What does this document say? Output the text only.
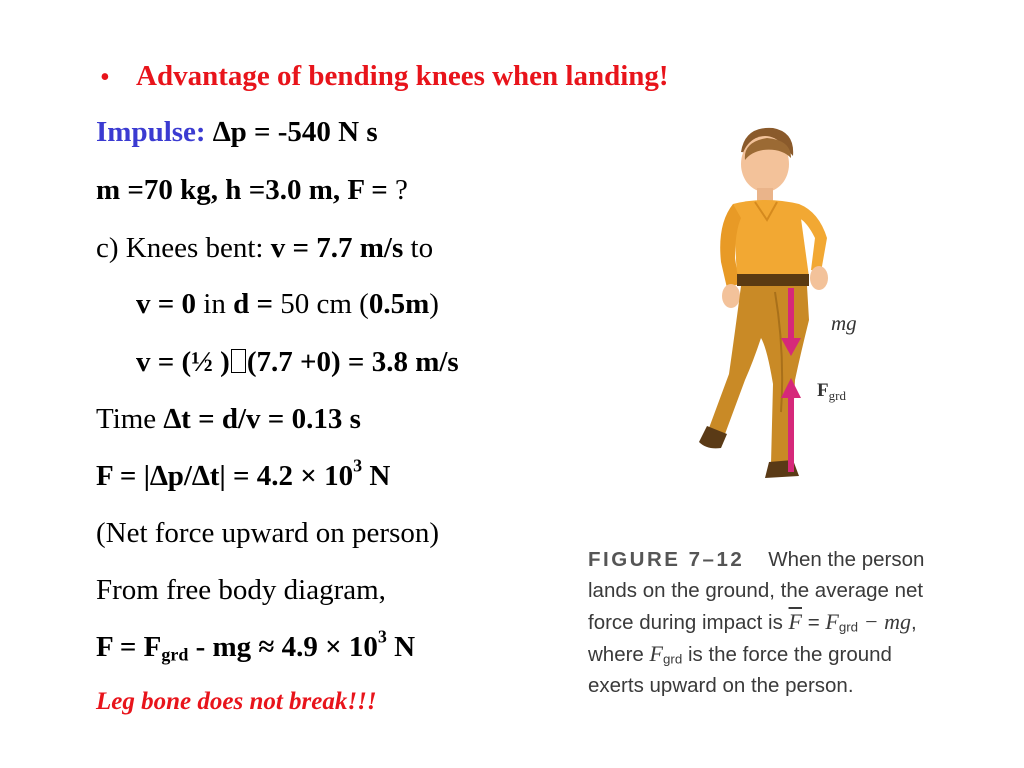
• Advantage of bending knees when landing!
Impulse: ∆p = -540 N s
m =70 kg, h =3.0 m, F = ?
c) Knees bent: v = 7.7 m/s to
v = 0 in d = 50 cm (0.5m)
v = (½ ) (7.7 +0) = 3.8 m/s
Time ∆t = d/v = 0.13 s
$F = |\Delta p/\Delta t| = 4.2 \times 10^3$ N
(Net force upward on person)
From free body diagram,
$F = F_{grd}$ - mg ≈ $4.9 \times 10^3$ N
Leg bone does not break!!!
mg
$F_{grd}$
FIGURE 7–12 When the person lands on the ground, the average net force during impact is $\overline{F}$ = Fgrd − mg, where Fgrd is the force the ground exerts upward on the person.
